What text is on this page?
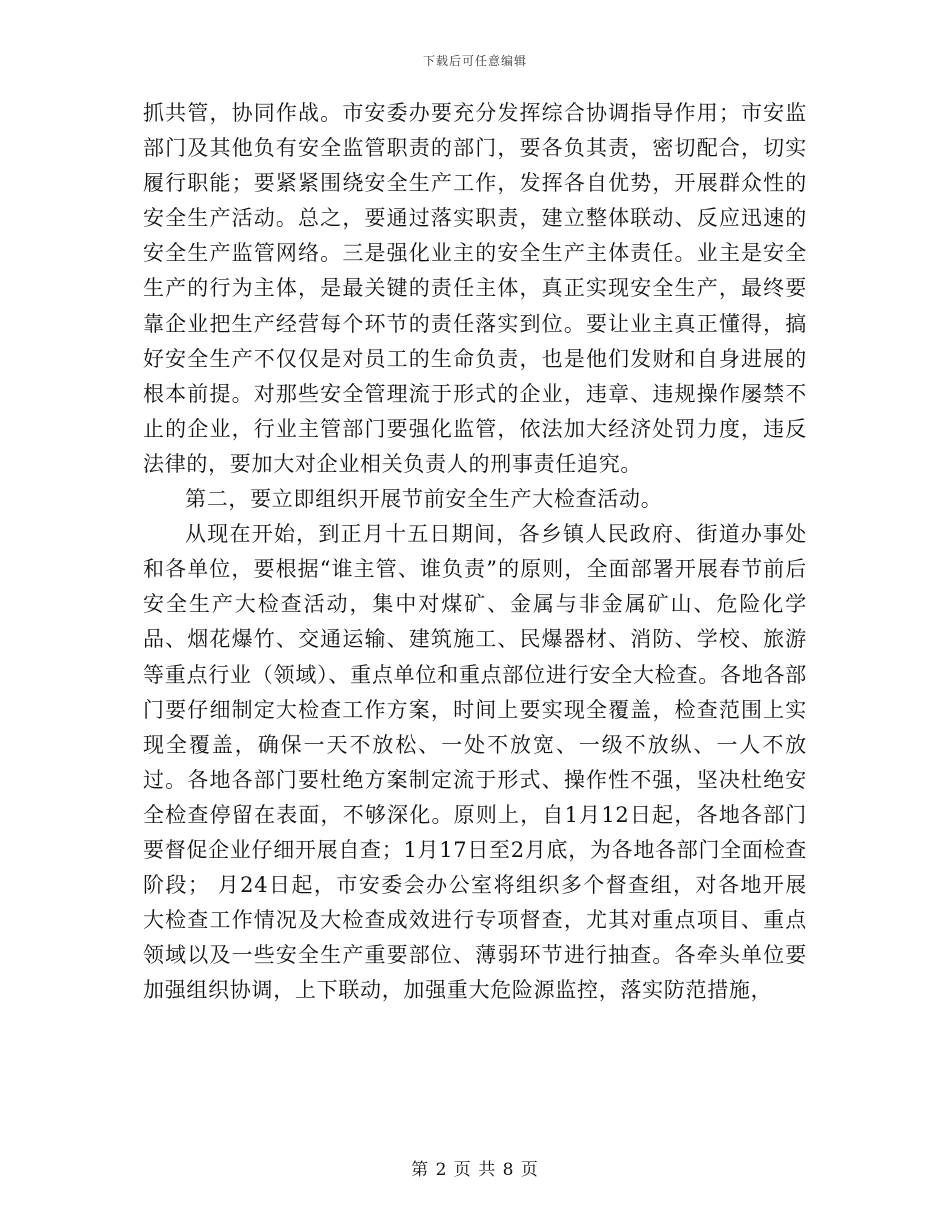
下载后可任意编辑

抓共管，协同作战。市安委办要充分发挥综合协调指导作用；市安监部门及其他负有安全监管职责的部门，要各负其责，密切配合，切实履行职能；要紧紧围绕安全生产工作，发挥各自优势，开展群众性的安全生产活动。总之，要通过落实职责，建立整体联动、反应迅速的安全生产监管网络。三是强化业主的安全生产主体责任。业主是安全生产的行为主体，是最关键的责任主体，真正实现安全生产，最终要靠企业把生产经营每个环节的责任落实到位。要让业主真正懂得，搞好安全生产不仅仅是对员工的生命负责，也是他们发财和自身进展的根本前提。对那些安全管理流于形式的企业，违章、违规操作屡禁不止的企业，行业主管部门要强化监管，依法加大经济处罚力度，违反法律的，要加大对企业相关负责人的刑事责任追究。

第二，要立即组织开展节前安全生产大检查活动。

从现在开始，到正月十五日期间，各乡镇人民政府、街道办事处和各单位，要根据“谁主管、谁负责”的原则，全面部署开展春节前后安全生产大检查活动，集中对煤矿、金属与非金属矿山、危险化学品、烟花爆竹、交通运输、建筑施工、民爆器材、消防、学校、旅游等重点行业（领域）、重点单位和重点部位进行安全大检查。各地各部门要仔细制定大检查工作方案，时间上要实现全覆盖，检查范围上实现全覆盖，确保一天不放松、一处不放宽、一级不放纵、一人不放过。各地各部门要杜绝方案制定流于形式、操作性不强，坚决杜绝安全检查停留在表面，不够深化。原则上，自1月12日起，各地各部门要督促企业仔细开展自查；1月17日至2月底，为各地各部门全面检查阶段； 月24日起，市安委会办公室将组织多个督查组，对各地开展大检查工作情况及大检查成效进行专项督查，尤其对重点项目、重点领域以及一些安全生产重要部位、薄弱环节进行抽查。各牵头单位要加强组织协调，上下联动，加强重大危险源监控，落实防范措施，

第 2 页 共 8 页
